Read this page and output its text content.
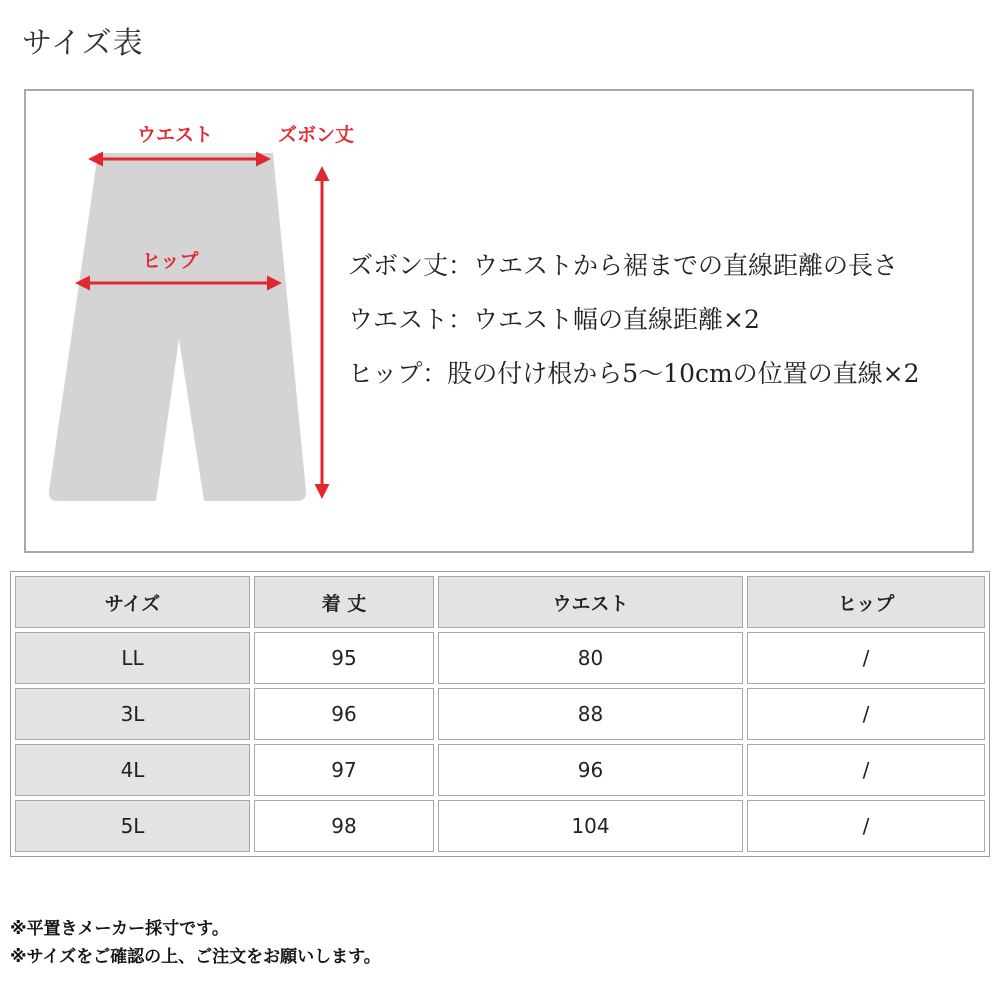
サイズ表
ウエスト
ヒップ
ズボン丈
ズボン丈：ウエストから裾までの直線距離の長さ
ウエスト：ウエスト幅の直線距離×2
ヒップ：股の付け根から5～10cmの位置の直線×2
サイズ	着 丈	ウエスト	ヒップ
LL	95	80	/
3L	96	88	/
4L	97	96	/
5L	98	104	/
※平置きメーカー採寸です。
※サイズをご確認の上、ご注文をお願いします。
